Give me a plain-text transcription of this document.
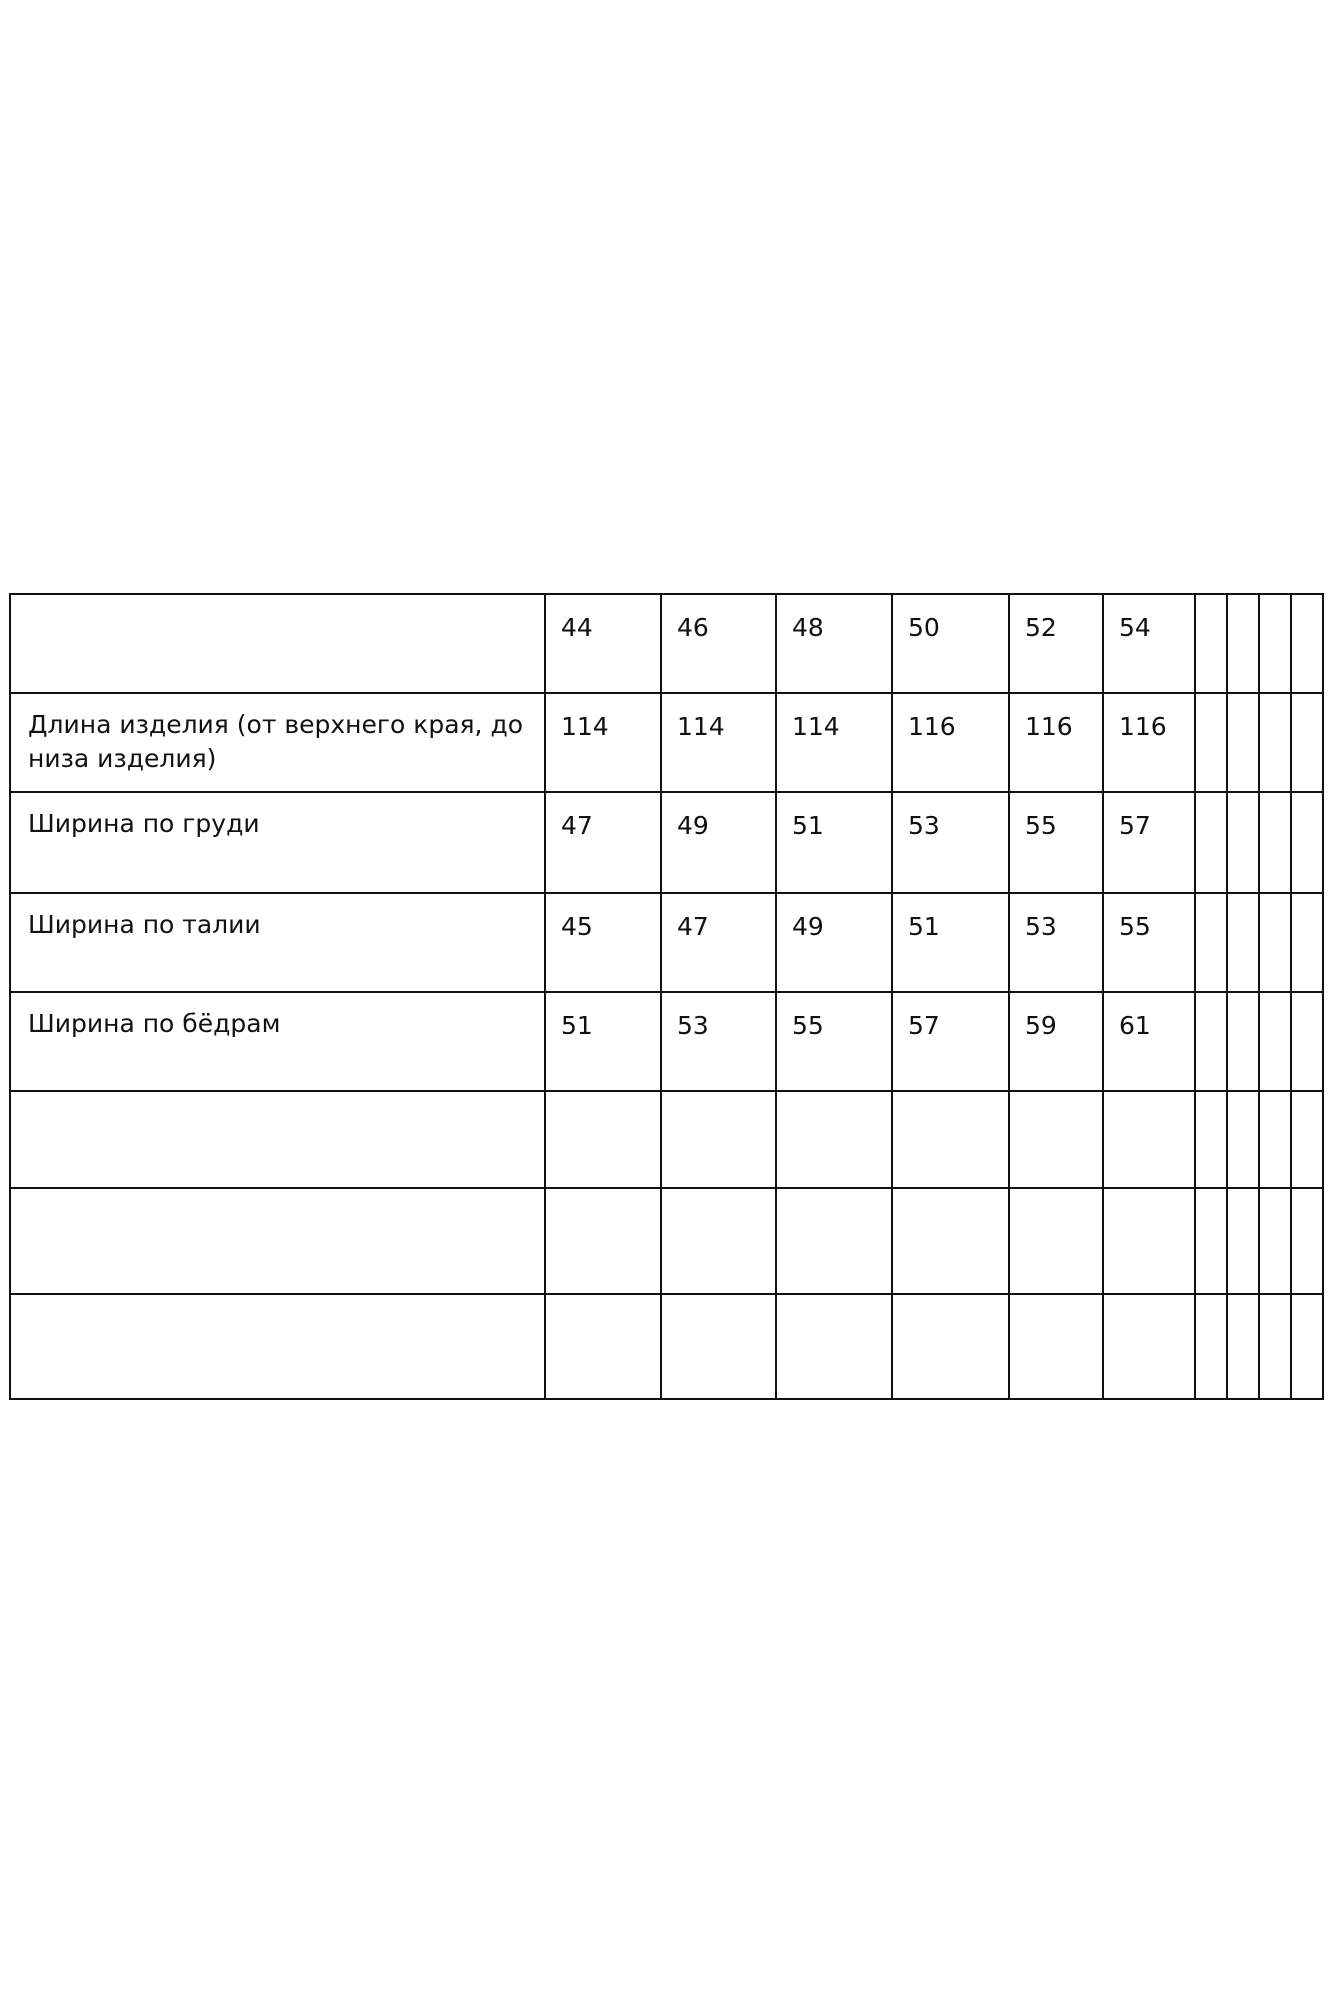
	44	46	48	50	52	54				
Длина изделия (от верхнего края, до низа изделия)	114	114	114	116	116	116				
Ширина по груди	47	49	51	53	55	57				
Ширина по талии	45	47	49	51	53	55				
Ширина по бёдрам	51	53	55	57	59	61				
